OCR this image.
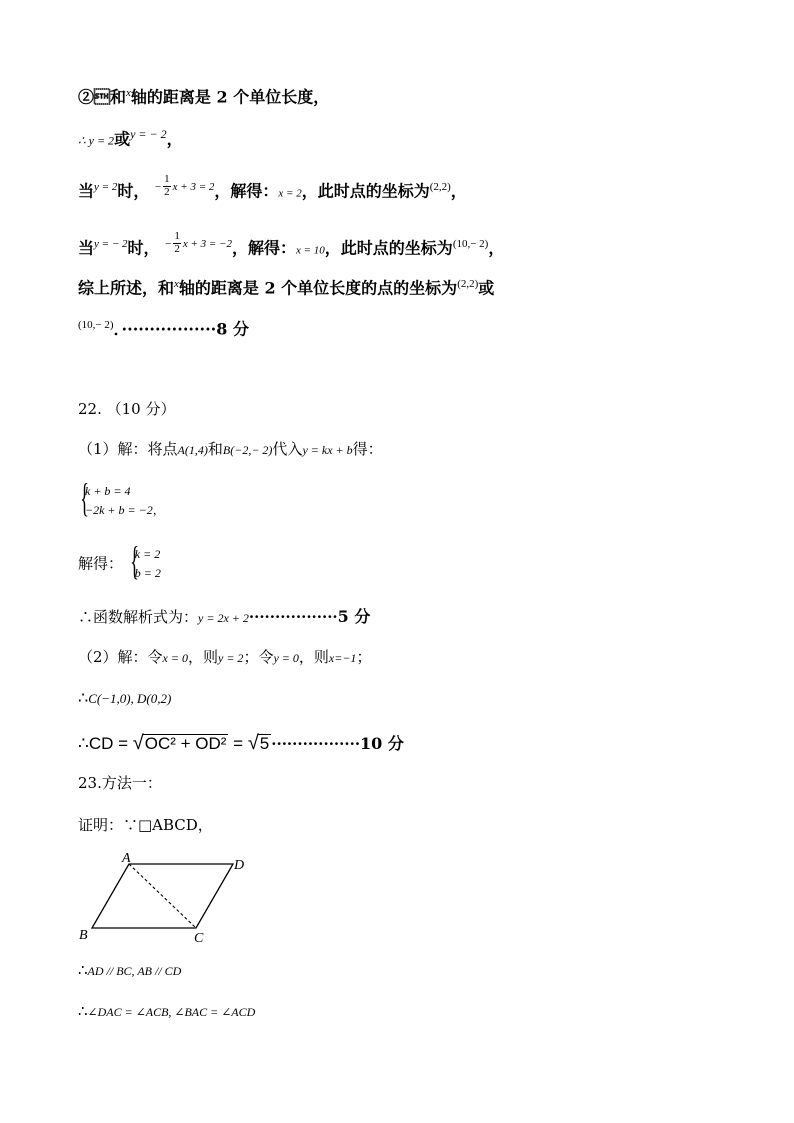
②和$^x$轴的距离是 2 个单位长度，
∴ y = 2或$^{y = - 2}$，
当$^{y = 2}$时， $^- \frac{1}{2} ^{x + 3 = 2}$，解得：x = 2，此时点的坐标为$^{(2,2)}$，
当$^{y = - 2}$时， $^- \frac{1}{2} ^{x + 3 = -2}$，解得：x = 10，此时点的坐标为$^{(10,- 2)}$，
综上所述，和$^x$轴的距离是 2 个单位长度的点的坐标为$^{(2,2)}$或
$^{(10,- 2)}$．·················8 分
22. （10 分）
（1）解：将点A(1,4)和B(−2,− 2)代入y = kx + b得：
{ k + b = 4
−2k + b = −2，
解得：
{ k = 2
b = 2
∴函数解析式为：y = 2x + 2·················5 分
（2）解：令x = 0，则y = 2；令y = 0，则x=−1；
∴C(−1,0), D(0,2)
∴CD = √OC² + OD² = √5 ·················10 分
23.方法一：
证明：∵□ABCD，
A	D
B	C
∴AD // BC, AB // CD
∴∠DAC = ∠ACB, ∠BAC = ∠ACD
